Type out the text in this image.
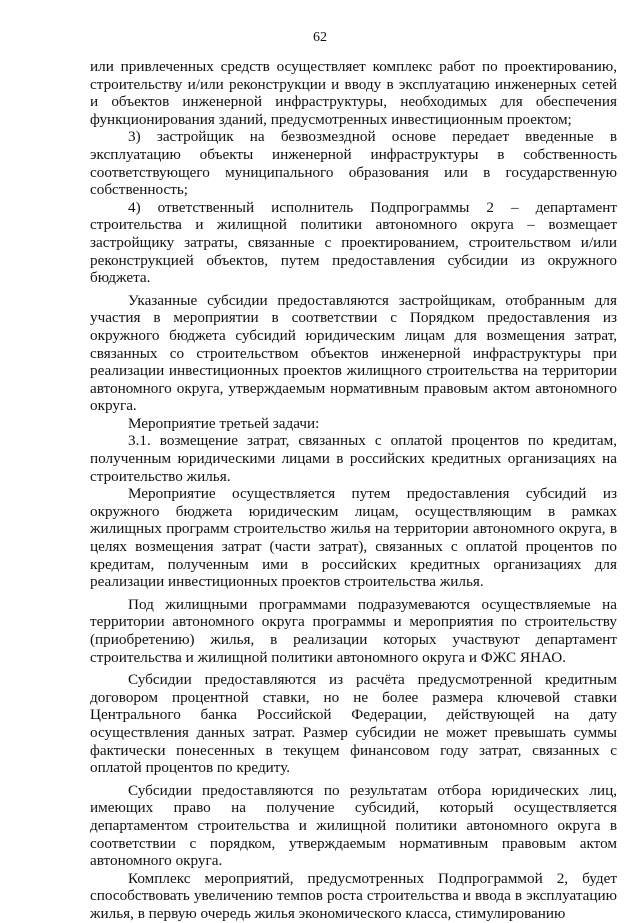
62

или привлеченных средств осуществляет комплекс работ по проектированию, строительству и/или реконструкции и вводу в эксплуатацию инженерных сетей и объектов инженерной инфраструктуры, необходимых для обеспечения функционирования зданий, предусмотренных инвестиционным проектом;

3) застройщик на безвозмездной основе передает введенные в эксплуатацию объекты инженерной инфраструктуры в собственность соответствующего муниципального образования или в государственную собственность;

4) ответственный исполнитель Подпрограммы 2 – департамент строительства и жилищной политики автономного округа – возмещает застройщику затраты, связанные с проектированием, строительством и/или реконструкцией объектов, путем предоставления субсидии из окружного бюджета.

Указанные субсидии предоставляются застройщикам, отобранным для участия в мероприятии в соответствии с Порядком предоставления из окружного бюджета субсидий юридическим лицам для возмещения затрат, связанных со строительством объектов инженерной инфраструктуры при реализации инвестиционных проектов жилищного строительства на территории автономного округа, утверждаемым нормативным правовым актом автономного округа.

Мероприятие третьей задачи:

3.1. возмещение затрат, связанных с оплатой процентов по кредитам, полученным юридическими лицами в российских кредитных организациях на строительство жилья.

Мероприятие осуществляется путем предоставления субсидий из окружного бюджета юридическим лицам, осуществляющим в рамках жилищных программ строительство жилья на территории автономного округа, в целях возмещения затрат (части затрат), связанных с оплатой процентов по кредитам, полученным ими в российских кредитных организациях для реализации инвестиционных проектов строительства жилья.

Под жилищными программами подразумеваются осуществляемые на территории автономного округа программы и мероприятия по строительству (приобретению) жилья, в реализации которых участвуют департамент строительства и жилищной политики автономного округа и ФЖС ЯНАО.

Субсидии предоставляются из расчёта предусмотренной кредитным договором процентной ставки, но не более размера ключевой ставки Центрального банка Российской Федерации, действующей на дату осуществления данных затрат. Размер субсидии не может превышать суммы фактически понесенных в текущем финансовом году затрат, связанных с оплатой процентов по кредиту.

Субсидии предоставляются по результатам отбора юридических лиц, имеющих право на получение субсидий, который осуществляется департаментом строительства и жилищной политики автономного округа в соответствии с порядком, утверждаемым нормативным правовым актом автономного округа.

Комплекс мероприятий, предусмотренных Подпрограммой 2, будет способствовать увеличению темпов роста строительства и ввода в эксплуатацию жилья, в первую очередь жилья экономического класса, стимулированию
